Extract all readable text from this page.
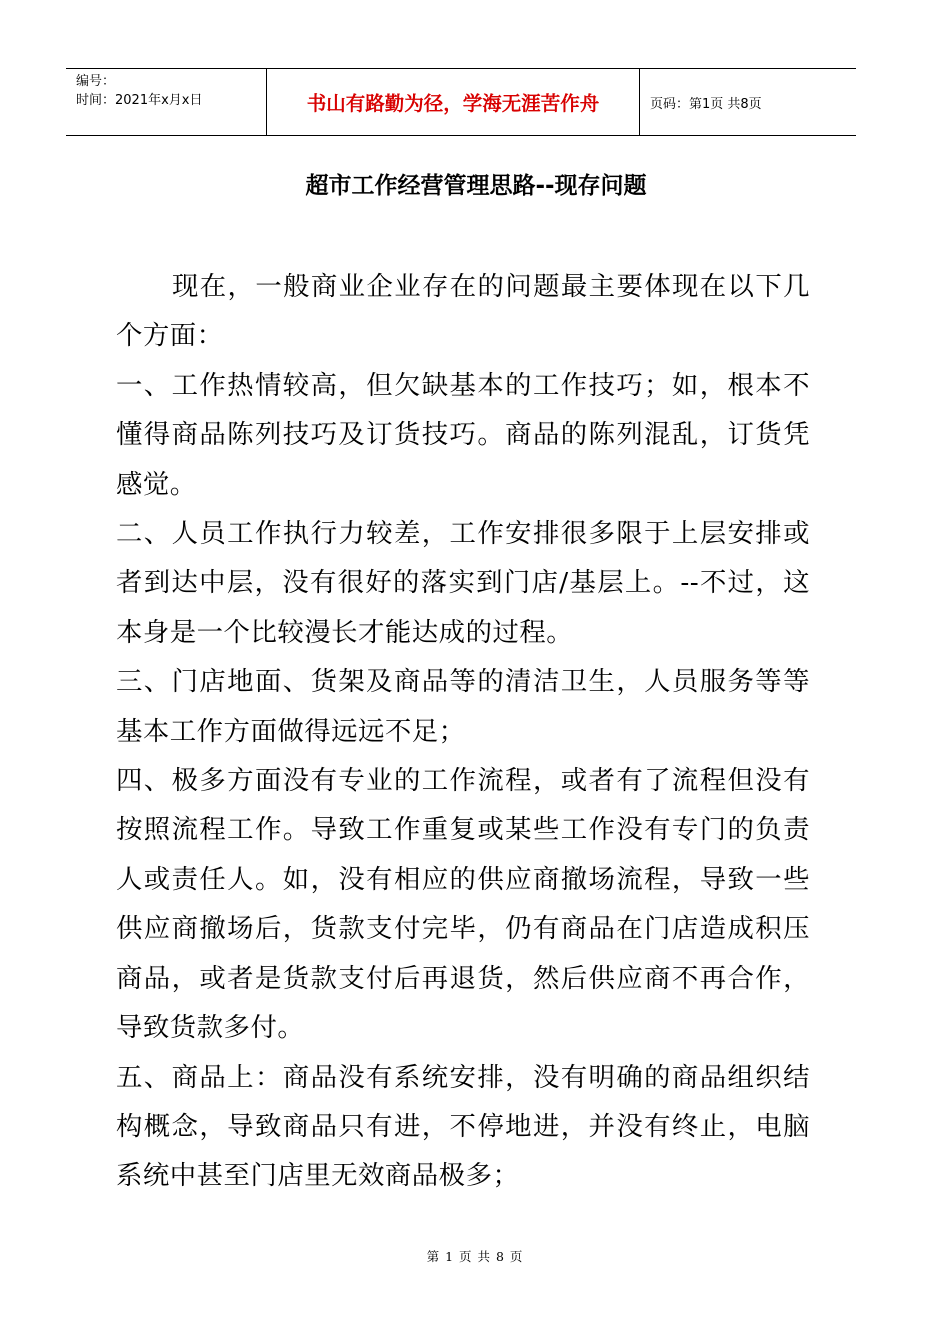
编号：
时间：2021年x月x日	书山有路勤为径，学海无涯苦作舟	页码：第1页 共8页
超市工作经营管理思路--现存问题

现在，一般商业企业存在的问题最主要体现在以下几个方面：

一、工作热情较高，但欠缺基本的工作技巧；如，根本不懂得商品陈列技巧及订货技巧。商品的陈列混乱，订货凭感觉。

二、人员工作执行力较差，工作安排很多限于上层安排或者到达中层，没有很好的落实到门店/基层上。--不过，这本身是一个比较漫长才能达成的过程。

三、门店地面、货架及商品等的清洁卫生，人员服务等等基本工作方面做得远远不足；

四、极多方面没有专业的工作流程，或者有了流程但没有按照流程工作。导致工作重复或某些工作没有专门的负责人或责任人。如，没有相应的供应商撤场流程，导致一些供应商撤场后，货款支付完毕，仍有商品在门店造成积压商品，或者是货款支付后再退货，然后供应商不再合作，导致货款多付。

五、商品上：商品没有系统安排，没有明确的商品组织结构概念，导致商品只有进，不停地进，并没有终止，电脑系统中甚至门店里无效商品极多；

第 1 页 共 8 页
